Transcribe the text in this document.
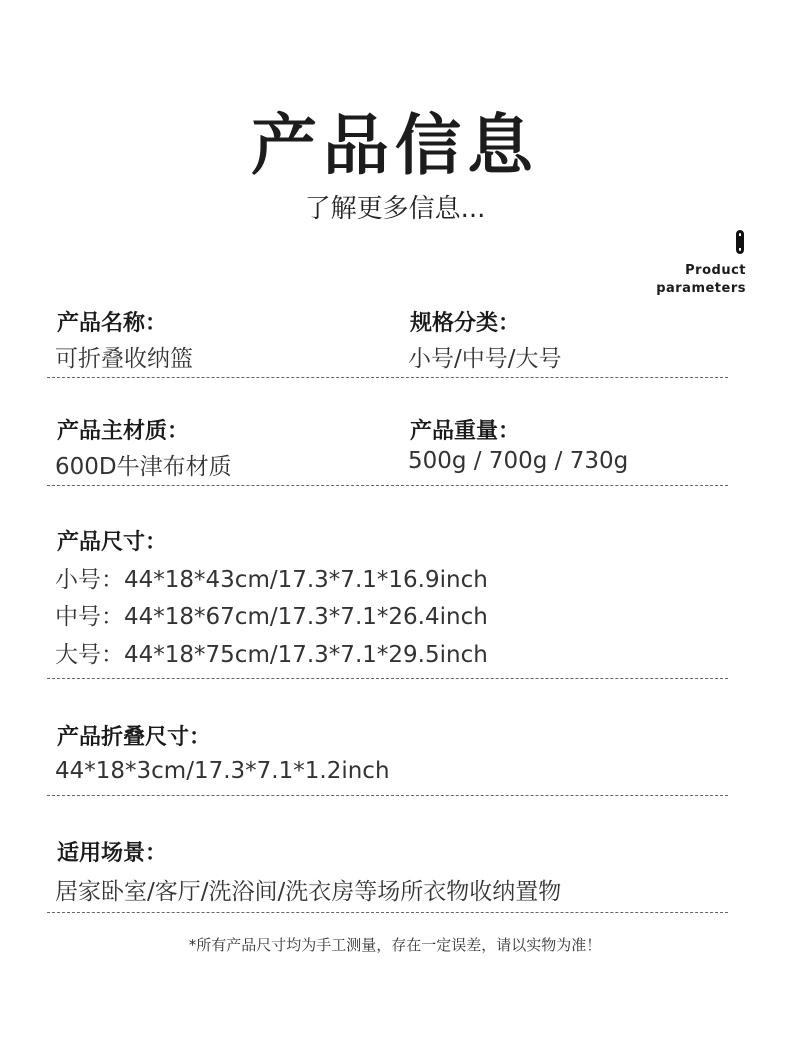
产品信息
了解更多信息...
Product
parameters
产品名称：
可折叠收纳篮
规格分类：
小号/中号/大号
产品主材质：
600D牛津布材质
产品重量：
500g / 700g / 730g
产品尺寸：
小号：44*18*43cm/17.3*7.1*16.9inch
中号：44*18*67cm/17.3*7.1*26.4inch
大号：44*18*75cm/17.3*7.1*29.5inch
产品折叠尺寸：
44*18*3cm/17.3*7.1*1.2inch
适用场景：
居家卧室/客厅/洗浴间/洗衣房等场所衣物收纳置物
*所有产品尺寸均为手工测量，存在一定误差，请以实物为准！
